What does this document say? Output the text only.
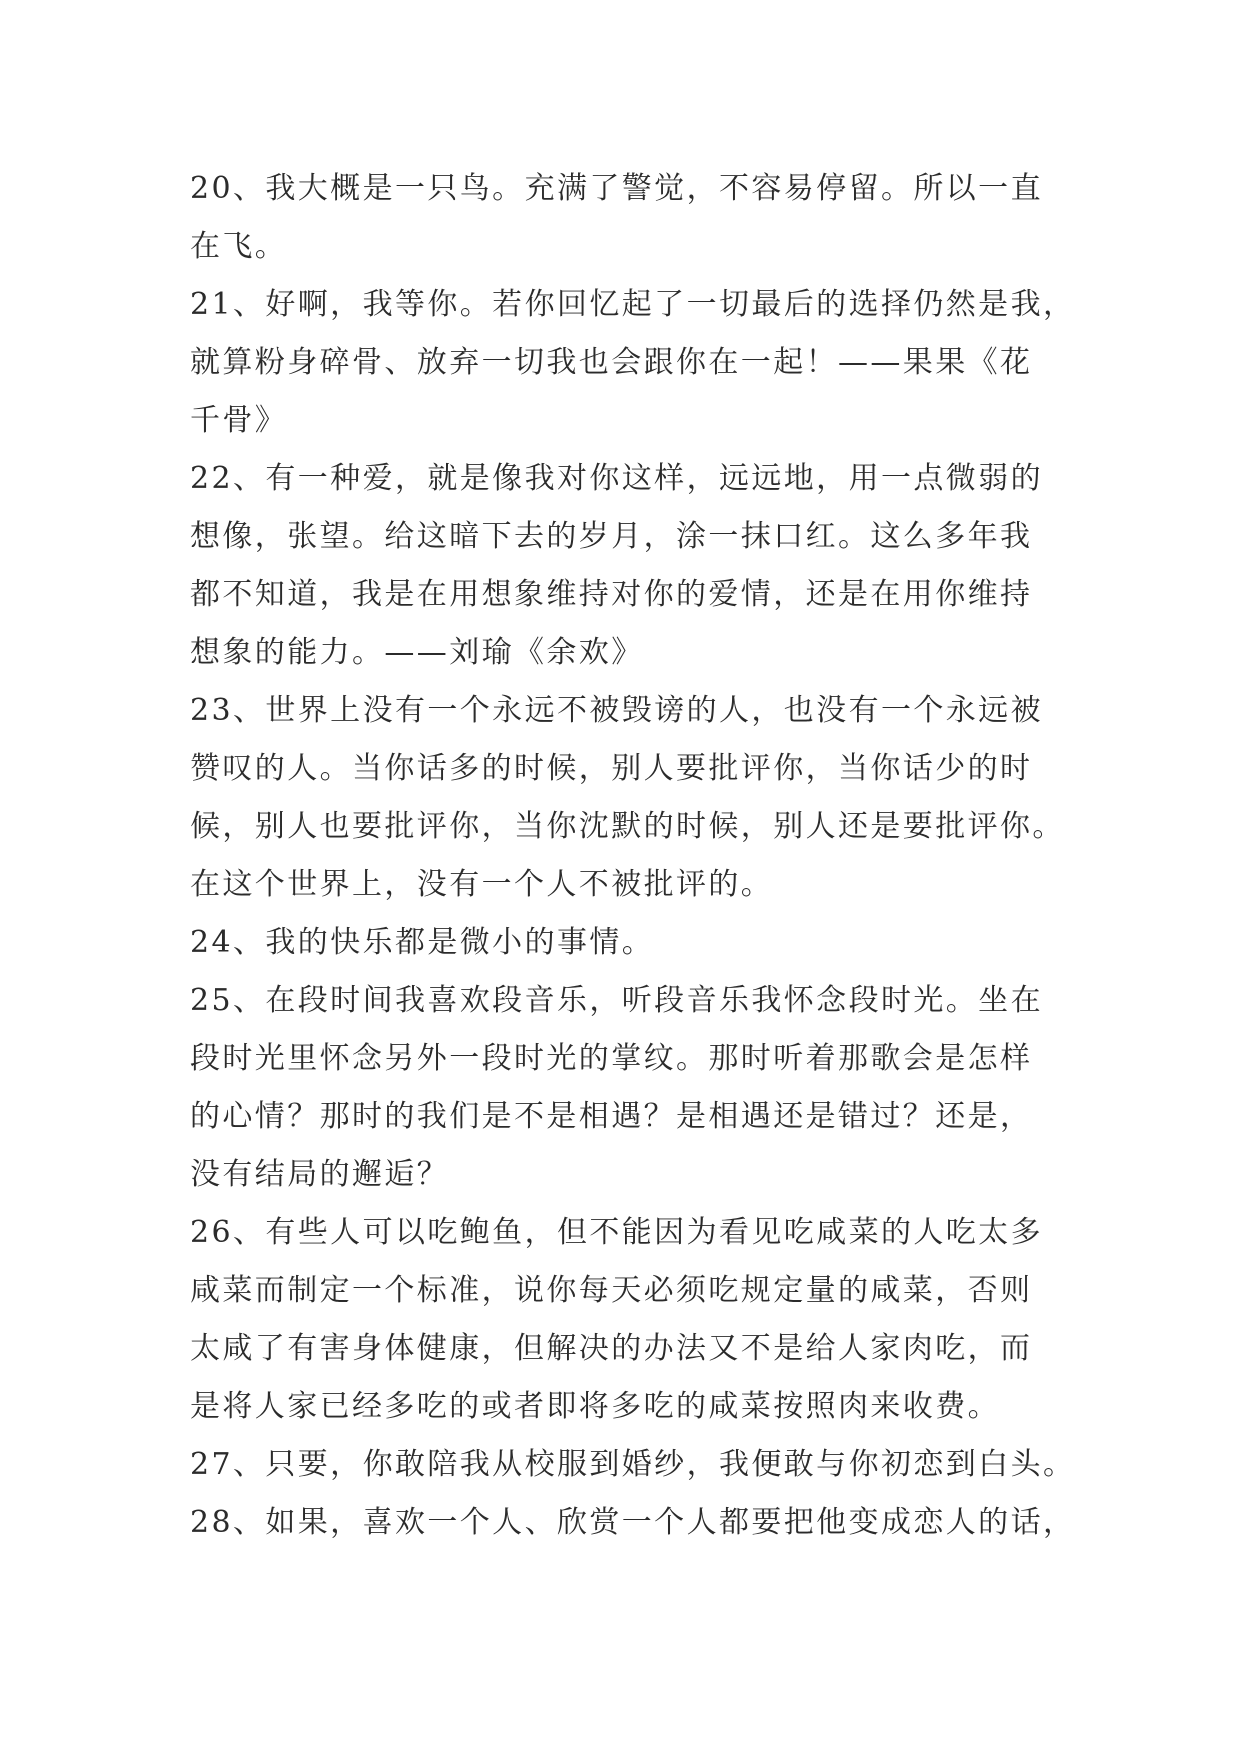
20、我大概是一只鸟。充满了警觉，不容易停留。所以一直
在飞。
21、好啊，我等你。若你回忆起了一切最后的选择仍然是我，
就算粉身碎骨、放弃一切我也会跟你在一起！——果果《花
千骨》
22、有一种爱，就是像我对你这样，远远地，用一点微弱的
想像，张望。给这暗下去的岁月，涂一抹口红。这么多年我
都不知道，我是在用想象维持对你的爱情，还是在用你维持
想象的能力。——刘瑜《余欢》
23、世界上没有一个永远不被毁谤的人，也没有一个永远被
赞叹的人。当你话多的时候，别人要批评你，当你话少的时
候，别人也要批评你，当你沈默的时候，别人还是要批评你。
在这个世界上，没有一个人不被批评的。
24、我的快乐都是微小的事情。
25、在段时间我喜欢段音乐，听段音乐我怀念段时光。坐在
段时光里怀念另外一段时光的掌纹。那时听着那歌会是怎样
的心情？那时的我们是不是相遇？是相遇还是错过？还是，
没有结局的邂逅？
26、有些人可以吃鲍鱼，但不能因为看见吃咸菜的人吃太多
咸菜而制定一个标准，说你每天必须吃规定量的咸菜，否则
太咸了有害身体健康，但解决的办法又不是给人家肉吃，而
是将人家已经多吃的或者即将多吃的咸菜按照肉来收费。
27、只要，你敢陪我从校服到婚纱，我便敢与你初恋到白头。
28、如果，喜欢一个人、欣赏一个人都要把他变成恋人的话，
